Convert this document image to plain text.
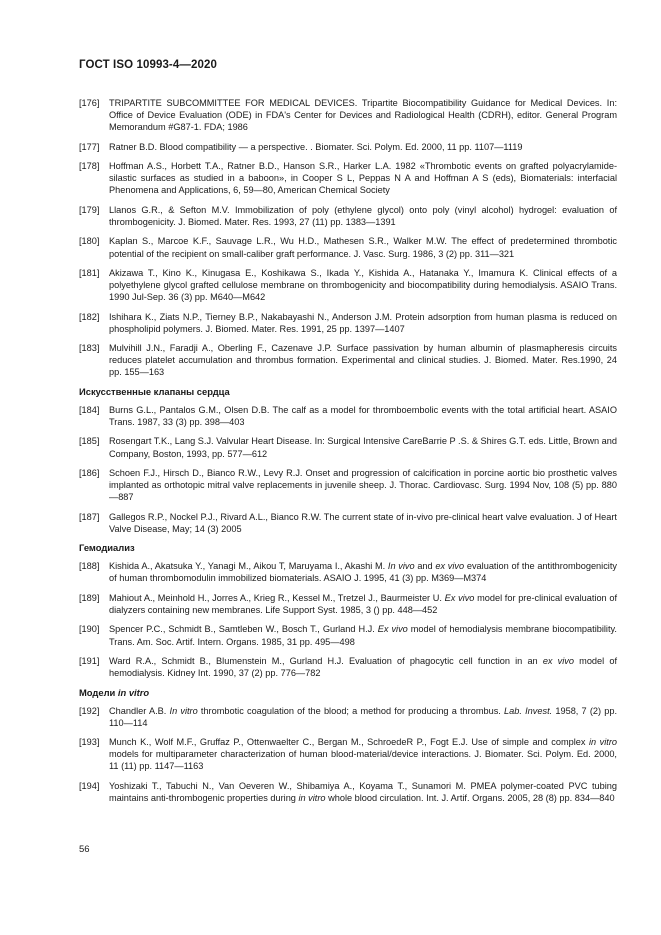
ГОСТ ISO 10993-4—2020
[176]	TRIPARTITE SUBCOMMITTEE FOR MEDICAL DEVICES. Tripartite Biocompatibility Guidance for Medical Devices. In: Office of Device Evaluation (ODE) in FDA's Center for Devices and Radiological Health (CDRH), editor. General Program Memorandum #G87-1. FDA; 1986
[177]	Ratner B.D. Blood compatibility — a perspective. . Biomater. Sci. Polym. Ed. 2000, 11 pp. 1107—1119
[178]	Hoffman A.S., Horbett T.A., Ratner B.D., Hanson S.R., Harker L.A. 1982 «Thrombotic events on grafted polyacrylamide-silastic surfaces as studied in a baboon», in Cooper S L, Peppas N A and Hoffman A S (eds), Biomaterials: interfacial Phenomena and Applications, 6, 59—80, American Chemical Society
[179]	Llanos G.R., & Sefton M.V. Immobilization of poly (ethylene glycol) onto poly (vinyl alcohol) hydrogel: evaluation of thrombogenicity. J. Biomed. Mater. Res. 1993, 27 (11) pp. 1383—1391
[180]	Kaplan S., Marcoe K.F., Sauvage L.R., Wu H.D., Mathesen S.R., Walker M.W. The effect of predetermined thrombotic potential of the recipient on small-caliber graft performance. J. Vasc. Surg. 1986, 3 (2) pp. 311—321
[181]	Akizawa T., Kino K., Kinugasa E., Koshikawa S., Ikada Y., Kishida A., Hatanaka Y., Imamura K. Clinical effects of a polyethylene glycol grafted cellulose membrane on thrombogenicity and biocompatibility during hemodialysis. ASAIO Trans. 1990 Jul-Sep. 36 (3) pp. M640—M642
[182]	Ishihara K., Ziats N.P., Tierney B.P., Nakabayashi N., Anderson J.M. Protein adsorption from human plasma is reduced on phospholipid polymers. J. Biomed. Mater. Res. 1991, 25 pp. 1397—1407
[183]	Mulvihill J.N., Faradji A., Oberling F., Cazenave J.P. Surface passivation by human albumin of plasmapheresis circuits reduces platelet accumulation and thrombus formation. Experimental and clinical studies. J. Biomed. Mater. Res.1990, 24 pp. 155—163
Искусственные клапаны сердца
[184]	Burns G.L., Pantalos G.M., Olsen D.B. The calf as a model for thromboembolic events with the total artificial heart. ASAIO Trans. 1987, 33 (3) pp. 398—403
[185]	Rosengart T.K., Lang S.J. Valvular Heart Disease. In: Surgical Intensive CareBarrie P .S. & Shires G.T. eds. Little, Brown and Company, Boston, 1993, pp. 577—612
[186]	Schoen F.J., Hirsch D., Bianco R.W., Levy R.J. Onset and progression of calcification in porcine aortic bio prosthetic valves implanted as orthotopic mitral valve replacements in juvenile sheep. J. Thorac. Cardiovasc. Surg. 1994 Nov, 108 (5) pp. 880—887
[187]	Gallegos R.P., Nockel P.J., Rivard A.L., Bianco R.W. The current state of in-vivo pre-clinical heart valve evaluation. J of Heart Valve Disease, May; 14 (3) 2005
Гемодиализ
[188]	Kishida A., Akatsuka Y., Yanagi M., Aikou T, Maruyama I., Akashi M. In vivo and ex vivo evaluation of the antithrombogenicity of human thrombomodulin immobilized biomaterials. ASAIO J. 1995, 41 (3) pp. M369—M374
[189]	Mahiout A., Meinhold H., Jorres A., Krieg R., Kessel M., Tretzel J., Baurmeister U. Ex vivo model for pre-clinical evaluation of dialyzers containing new membranes. Life Support Syst. 1985, 3 () pp. 448—452
[190]	Spencer P.C., Schmidt B., Samtleben W., Bosch T., Gurland H.J. Ex vivo model of hemodialysis membrane biocompatibility. Trans. Am. Soc. Artif. Intern. Organs. 1985, 31 pp. 495—498
[191]	Ward R.A., Schmidt B., Blumenstein M., Gurland H.J. Evaluation of phagocytic cell function in an ex vivo model of hemodialysis. Kidney Int. 1990, 37 (2) pp. 776—782
Модели in vitro
[192]	Chandler A.B. In vitro thrombotic coagulation of the blood; a method for producing a thrombus. Lab. Invest. 1958, 7 (2) pp. 110—114
[193]	Munch K., Wolf M.F., Gruffaz P., Ottenwaelter C., Bergan M., SchroedeR P., Fogt E.J. Use of simple and complex in vitro models for multiparameter characterization of human blood-material/device interactions. J. Biomater. Sci. Polym. Ed. 2000, 11 (11) pp. 1147—1163
[194]	Yoshizaki T., Tabuchi N., Van Oeveren W., Shibamiya A., Koyama T., Sunamori M. PMEA polymer-coated PVC tubing maintains anti-thrombogenic properties during in vitro whole blood circulation. Int. J. Artif. Organs. 2005, 28 (8) pp. 834—840
56
